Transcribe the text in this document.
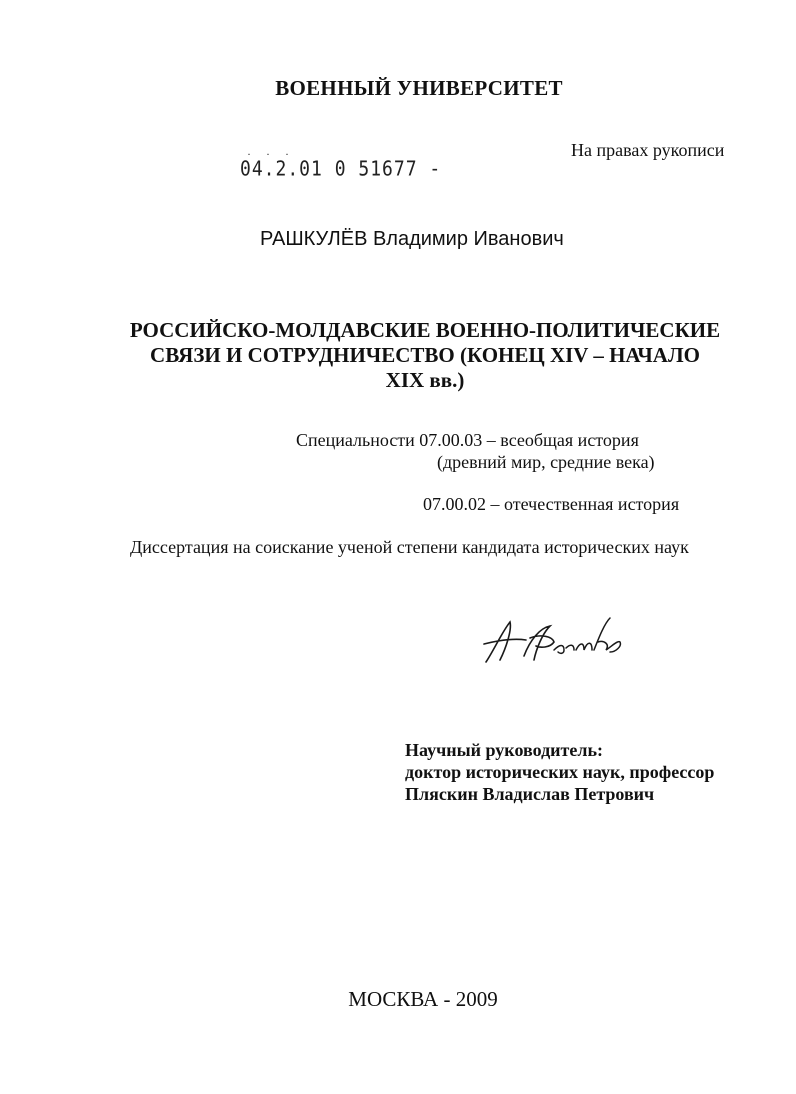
ВОЕННЫЙ УНИВЕРСИТЕТ
На правах рукописи
· · ·
04.2.01 0 51677 -
РАШКУЛЁВ Владимир Иванович
РОССИЙСКО-МОЛДАВСКИЕ ВОЕННО-ПОЛИТИЧЕСКИЕ
СВЯЗИ И СОТРУДНИЧЕСТВО (КОНЕЦ XIV – НАЧАЛО
XIX вв.)
Специальности 07.00.03 – всеобщая история
(древний мир, средние века)
07.00.02 – отечественная история
Диссертация на соискание ученой степени кандидата исторических наук
Научный руководитель:
доктор исторических наук, профессор
Пляскин Владислав Петрович
МОСКВА - 2009
